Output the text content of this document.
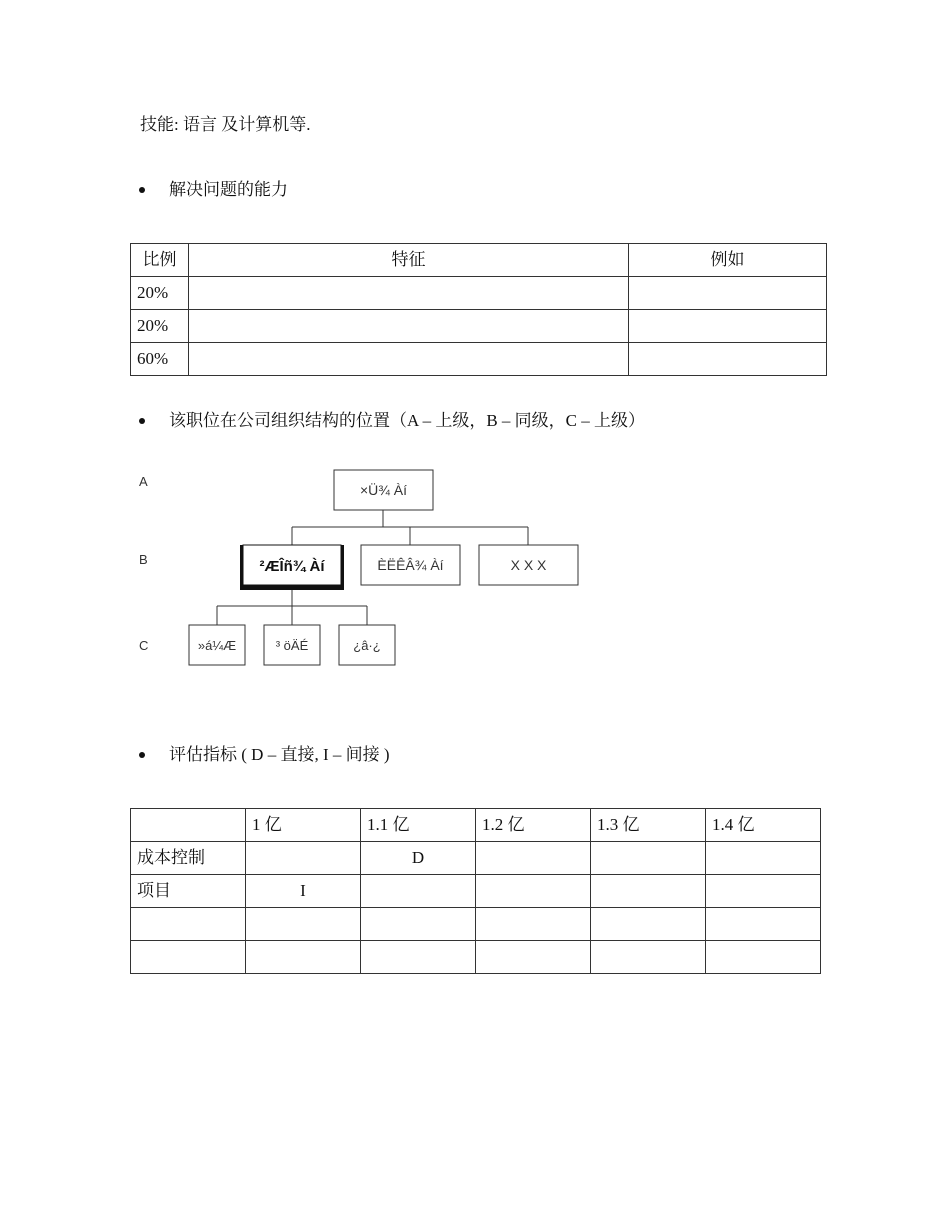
技能: 语言 及计算机等.
解决问题的能力
比例	特征	例如
20%		
20%		
60%		
该职位在公司组织结构的位置（A – 上级，B – 同级，C – 上级）
A
B
C
×Ü¾ Àí
²ÆÎñ¾ Àí	ÈËÊÂ¾ Àí	X X X
»á¼Æ	³ öÄÉ	¿â·¿
评估指标 ( D – 直接, I – 间接 )
	1 亿	1.1 亿	1.2 亿	1.3 亿	1.4 亿
成本控制		D			
项目	I				
